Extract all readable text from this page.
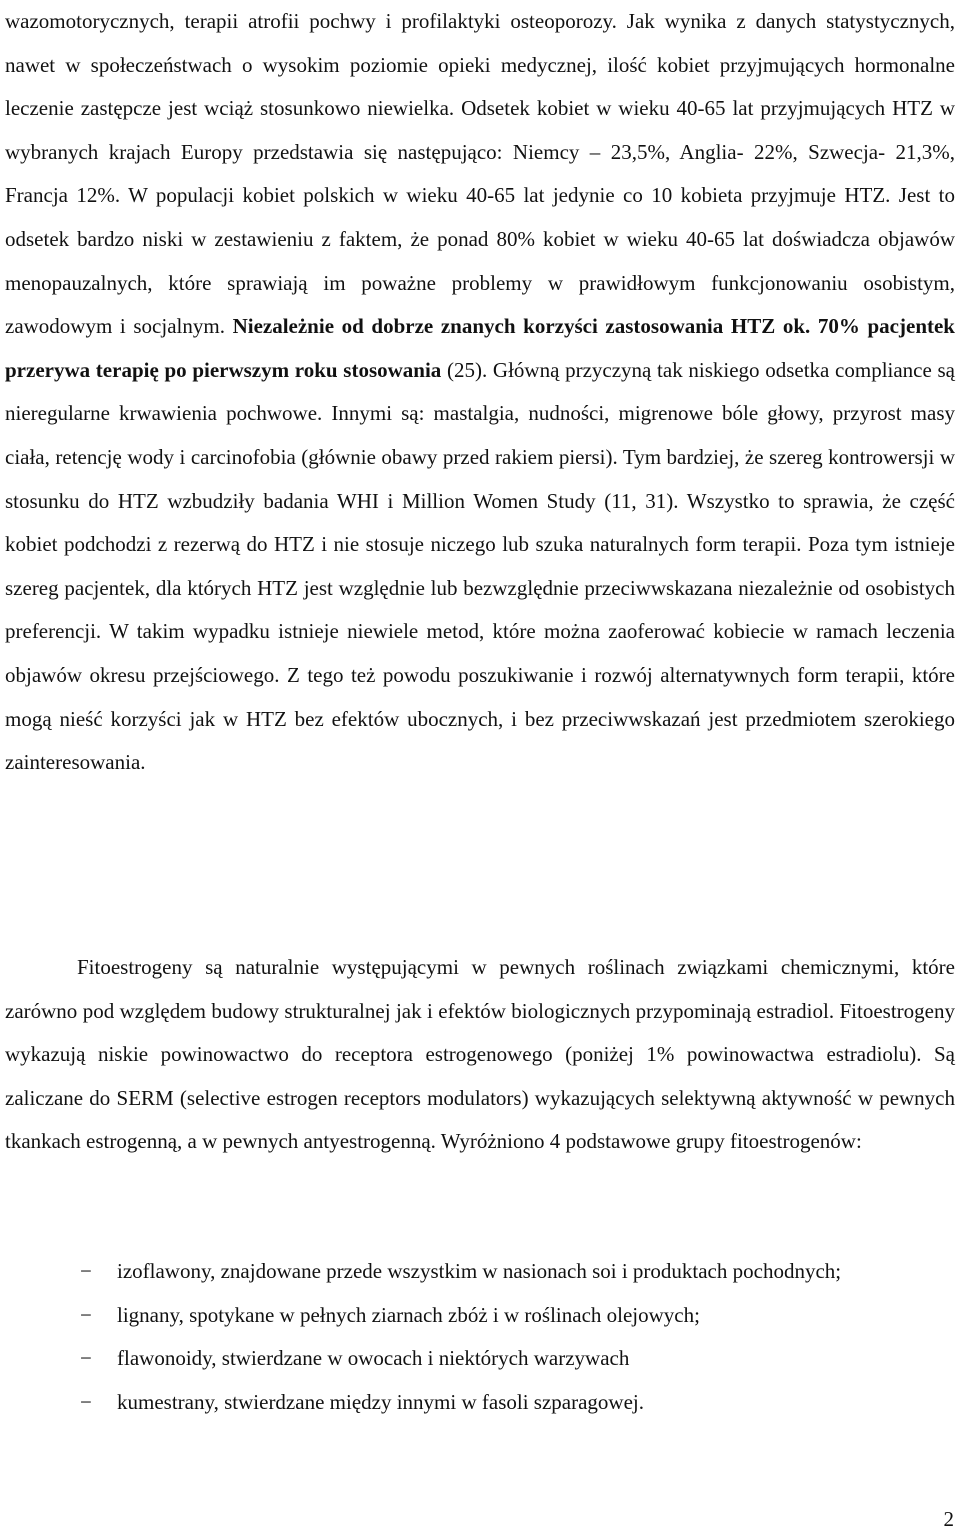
wazomotorycznych, terapii atrofii pochwy i profilaktyki osteoporozy. Jak wynika z danych statystycznych, nawet w społeczeństwach o wysokim poziomie opieki medycznej, ilość kobiet przyjmujących hormonalne leczenie zastępcze jest wciąż stosunkowo niewielka. Odsetek kobiet w wieku 40-65 lat przyjmujących HTZ w wybranych krajach Europy przedstawia się następująco: Niemcy – 23,5%, Anglia- 22%, Szwecja- 21,3%, Francja 12%. W populacji kobiet polskich w wieku 40-65 lat jedynie co 10 kobieta przyjmuje HTZ. Jest to odsetek bardzo niski w zestawieniu z faktem, że ponad 80% kobiet w wieku 40-65 lat doświadcza objawów menopauzalnych, które sprawiają im poważne problemy w prawidłowym funkcjonowaniu osobistym, zawodowym i socjalnym. Niezależnie od dobrze znanych korzyści zastosowania HTZ ok. 70% pacjentek przerywa terapię po pierwszym roku stosowania (25). Główną przyczyną tak niskiego odsetka compliance są nieregularne krwawienia pochwowe. Innymi są: mastalgia, nudności, migrenowe bóle głowy, przyrost masy ciała, retencję wody i carcinofobia (głównie obawy przed rakiem piersi). Tym bardziej, że szereg kontrowersji w stosunku do HTZ wzbudziły badania WHI i Million Women Study (11, 31). Wszystko to sprawia, że część kobiet podchodzi z rezerwą do HTZ i nie stosuje niczego lub szuka naturalnych form terapii. Poza tym istnieje szereg pacjentek, dla których HTZ jest względnie lub bezwzględnie przeciwwskazana niezależnie od osobistych preferencji. W takim wypadku istnieje niewiele metod, które można zaoferować kobiecie w ramach leczenia objawów okresu przejściowego. Z tego też powodu poszukiwanie i rozwój alternatywnych form terapii, które mogą nieść korzyści jak w HTZ bez efektów ubocznych, i bez przeciwwskazań jest przedmiotem szerokiego zainteresowania.

Fitoestrogeny są naturalnie występującymi w pewnych roślinach związkami chemicznymi, które zarówno pod względem budowy strukturalnej jak i efektów biologicznych przypominają estradiol. Fitoestrogeny wykazują niskie powinowactwo do receptora estrogenowego (poniżej 1% powinowactwa estradiolu). Są zaliczane do SERM (selective estrogen receptors modulators) wykazujących selektywną aktywność w pewnych tkankach estrogenną, a w pewnych antyestrogenną. Wyróżniono 4 podstawowe grupy fitoestrogenów:

− izoflawony, znajdowane przede wszystkim w nasionach soi i produktach pochodnych;
− lignany, spotykane w pełnych ziarnach zbóż i w roślinach olejowych;
− flawonoidy, stwierdzane w owocach i niektórych warzywach
− kumestrany, stwierdzane między innymi w fasoli szparagowej.
2
